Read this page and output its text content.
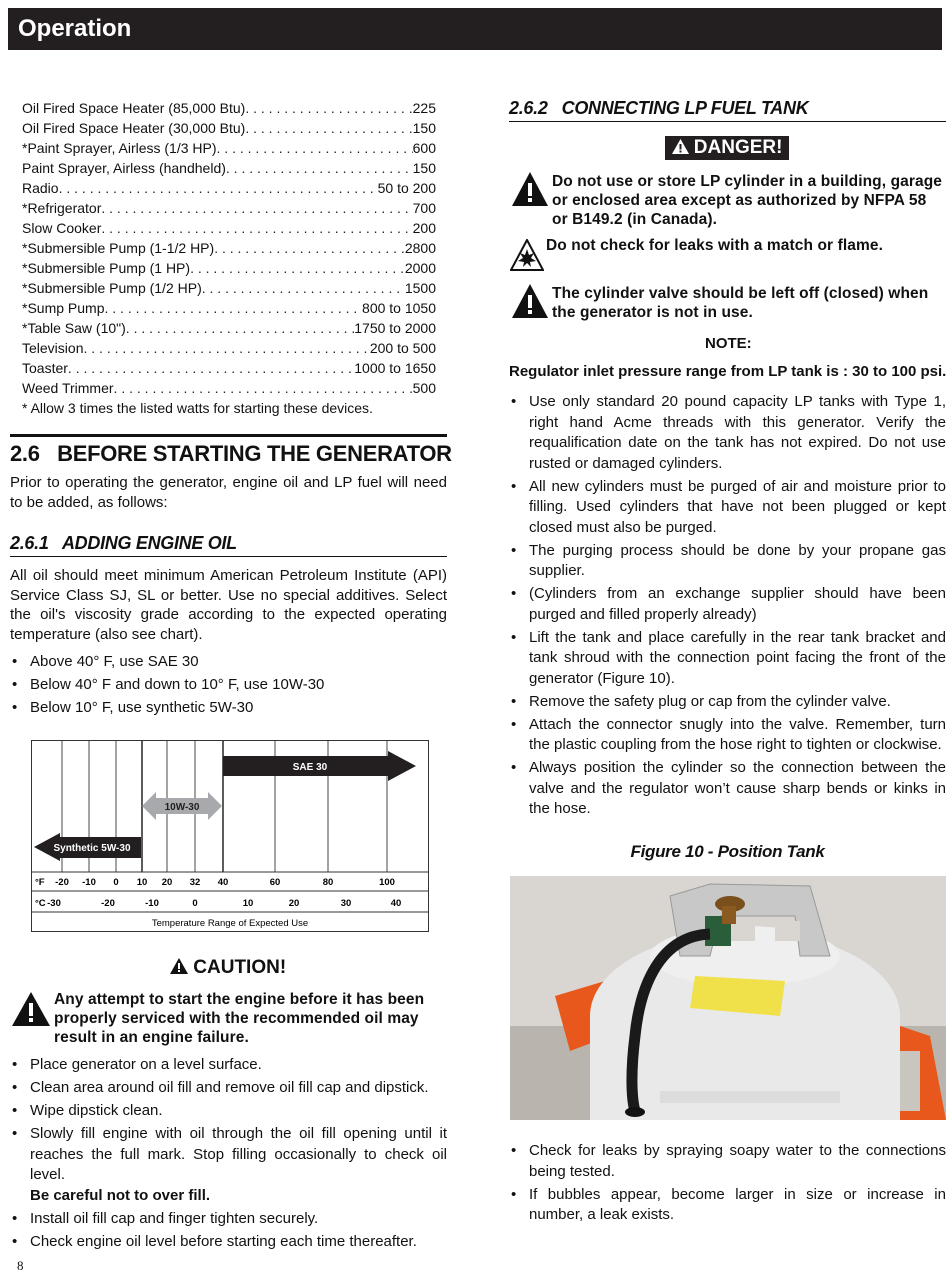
Operation
Oil Fired Space Heater (85,000 Btu) . . .	225
Oil Fired Space Heater (30,000 Btu) . . .	150
*Paint Sprayer, Airless (1/3 HP) . . .	600
Paint Sprayer, Airless (handheld) . . .	150
Radio . . .	50 to 200
*Refrigerator . . .	700
Slow Cooker . . .	200
*Submersible Pump (1-1/2 HP) . . .	2800
*Submersible Pump (1 HP) . . .	2000
*Submersible Pump (1/2 HP) . . .	1500
*Sump Pump . . .	800 to 1050
*Table Saw (10") . . .	1750 to 2000
Television . . .	200 to 500
Toaster . . .	1000 to 1650
Weed Trimmer . . .	500
* Allow 3 times the listed watts for starting these devices.
2.6   BEFORE STARTING THE GENERATOR
Prior to operating the generator, engine oil and LP fuel will need to be added, as follows:
2.6.1   ADDING ENGINE OIL
All oil should meet minimum American Petroleum Institute (API) Service Class SJ, SL or better. Use no special additives. Select the oil's viscosity grade according to the expected operating temperature (also see chart).
• Above 40° F, use SAE 30
• Below 40° F and down to 10° F, use 10W-30
• Below 10° F, use synthetic 5W-30
SAE 30
10W-30
Synthetic 5W-30
°F
°C
-20 -10 0 10 20 32 40	60	80	100
-30	-20	-10	0	10	20	30	40
Temperature Range of Expected Use
CAUTION!
Any attempt to start the engine before it has been properly serviced with the recommended oil may result in an engine failure.
• Place generator on a level surface.
• Clean area around oil fill and remove oil fill cap and dipstick.
• Wipe dipstick clean.
• Slowly fill engine with oil through the oil fill opening until it reaches the full mark. Stop filling occasionally to check oil level.
Be careful not to over fill.
• Install oil fill cap and finger tighten securely.
• Check engine oil level before starting each time thereafter.
2.6.2   CONNECTING LP FUEL TANK
DANGER!
Do not use or store LP cylinder in a building, garage or enclosed area except as authorized by NFPA 58 or B149.2 (in Canada).
Do not check for leaks with a match or flame.
The cylinder valve should be left off (closed) when the generator is not in use.
NOTE:
Regulator inlet pressure range from LP tank is : 30 to 100 psi.
• Use only standard 20 pound capacity LP tanks with Type 1, right hand Acme threads with this generator. Verify the requalification date on the tank has not expired. Do not use rusted or damaged cylinders.
• All new cylinders must be purged of air and moisture prior to filling. Used cylinders that have not been plugged or kept closed must also be purged.
• The purging process should be done by your propane gas supplier.
• (Cylinders from an exchange supplier should have been purged and filled properly already)
• Lift the tank and place carefully in the rear tank bracket and tank shroud with the connection point facing the front of the generator (Figure 10).
• Remove the safety plug or cap from the cylinder valve.
• Attach the connector snugly into the valve. Remember, turn the plastic coupling from the hose right to tighten or clockwise.
• Always position the cylinder so the connection between the valve and the regulator won’t cause sharp bends or kinks in the hose.
Figure 10 - Position Tank
• Check for leaks by spraying soapy water to the connections being tested.
• If bubbles appear, become larger in size or increase in number, a leak exists.
8
